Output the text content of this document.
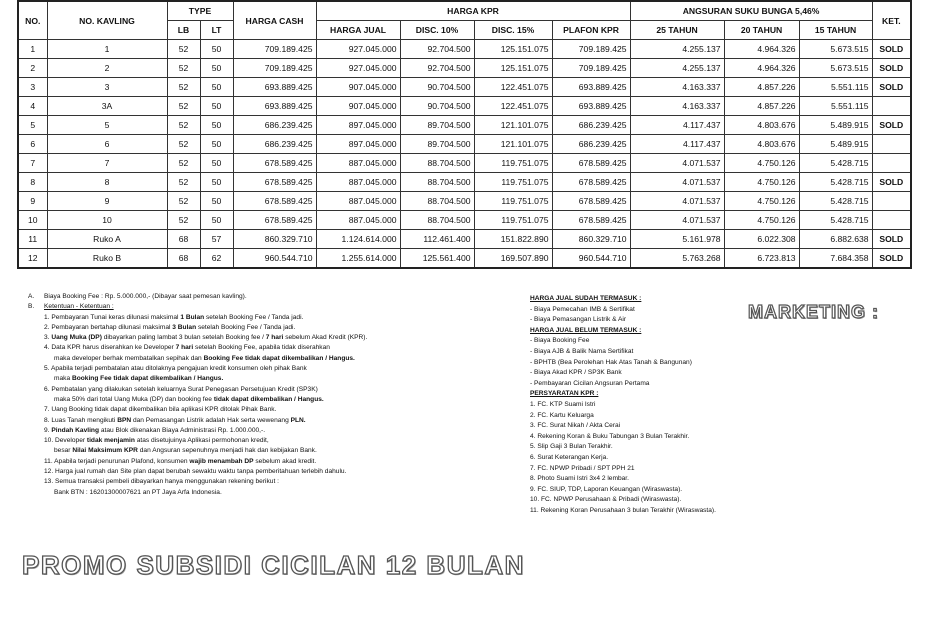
NO.	NO. KAVLING	TYPE		HARGA CASH	HARGA KPR				ANGSURAN SUKU BUNGA 5,46%			KET.
		LB	LT		HARGA JUAL	DISC. 10%	DISC. 15%	PLAFON KPR	25 TAHUN	20 TAHUN	15 TAHUN	
1	1	52	50	709.189.425	927.045.000	92.704.500	125.151.075	709.189.425	4.255.137	4.964.326	5.673.515	SOLD
2	2	52	50	709.189.425	927.045.000	92.704.500	125.151.075	709.189.425	4.255.137	4.964.326	5.673.515	SOLD
3	3	52	50	693.889.425	907.045.000	90.704.500	122.451.075	693.889.425	4.163.337	4.857.226	5.551.115	SOLD
4	3A	52	50	693.889.425	907.045.000	90.704.500	122.451.075	693.889.425	4.163.337	4.857.226	5.551.115	
5	5	52	50	686.239.425	897.045.000	89.704.500	121.101.075	686.239.425	4.117.437	4.803.676	5.489.915	SOLD
6	6	52	50	686.239.425	897.045.000	89.704.500	121.101.075	686.239.425	4.117.437	4.803.676	5.489.915	
7	7	52	50	678.589.425	887.045.000	88.704.500	119.751.075	678.589.425	4.071.537	4.750.126	5.428.715	
8	8	52	50	678.589.425	887.045.000	88.704.500	119.751.075	678.589.425	4.071.537	4.750.126	5.428.715	SOLD
9	9	52	50	678.589.425	887.045.000	88.704.500	119.751.075	678.589.425	4.071.537	4.750.126	5.428.715	
10	10	52	50	678.589.425	887.045.000	88.704.500	119.751.075	678.589.425	4.071.537	4.750.126	5.428.715	
11	Ruko A	68	57	860.329.710	1.124.614.000	112.461.400	151.822.890	860.329.710	5.161.978	6.022.308	6.882.638	SOLD
12	Ruko B	68	62	960.544.710	1.255.614.000	125.561.400	169.507.890	960.544.710	5.763.268	6.723.813	7.684.358	SOLD
A. Biaya Booking Fee : Rp. 5.000.000,- (Dibayar saat pemesan kavling).
B. Ketentuan - Ketentuan :
1. Pembayaran Tunai keras dilunasi maksimal 1 Bulan setelah Booking Fee / Tanda jadi.
2. Pembayaran bertahap dilunasi maksimal 3 Bulan setelah Booking Fee / Tanda jadi.
3. Uang Muka (DP) dibayarkan paling lambat 3 bulan setelah Booking fee / 7 hari sebelum Akad Kredit (KPR).
4. Data KPR harus diserahkan ke Developer 7 hari setelah Booking Fee, apabila tidak diserahkan
maka developer berhak membatalkan sepihak dan Booking Fee tidak dapat dikembalikan / Hangus.
5. Apabila terjadi pembatalan atau ditolaknya pengajuan kredit konsumen oleh pihak Bank
maka Booking Fee tidak dapat dikembalikan / Hangus.
6. Pembatalan yang dilakukan setelah keluarnya Surat Penegasan Persetujuan Kredit (SP3K)
maka 50% dari total Uang Muka (DP) dan booking fee tidak dapat dikembalikan / Hangus.
7. Uang Booking tidak dapat dikembalikan bila aplikasi KPR ditolak Pihak Bank.
8. Luas Tanah mengikuti BPN dan Pemasangan Listrik adalah Hak serta wewenang PLN.
9. Pindah Kavling atau Blok dikenakan Biaya Administrasi Rp. 1.000.000,-.
10. Developer tidak menjamin atas disetujuinya Aplikasi permohonan kredit,
besar Nilai Maksimum KPR dan Angsuran sepenuhnya menjadi hak dan kebijakan Bank.
11. Apabila terjadi penurunan Plafond, konsumen wajib menambah DP sebelum akad kredit.
12. Harga jual rumah dan Site plan dapat berubah sewaktu waktu tanpa pemberitahuan terlebih dahulu.
13. Semua transaksi pembeli dibayarkan hanya menggunakan rekening berikut :
Bank BTN : 16201300007621 an PT Jaya Arfa Indonesia.
HARGA JUAL SUDAH TERMASUK :
- Biaya Pemecahan IMB & Sertifikat
- Biaya Pemasangan Listrik & Air
HARGA JUAL BELUM TERMASUK :
- Biaya Booking Fee
- Biaya AJB & Balik Nama Sertifikat
- BPHTB (Bea Perolehan Hak Atas Tanah & Bangunan)
- Biaya Akad KPR / SP3K Bank
- Pembayaran Cicilan Angsuran Pertama
PERSYARATAN KPR :
1. FC. KTP Suami Istri
2. FC. Kartu Keluarga
3. FC. Surat Nikah / Akta Cerai
4. Rekening Koran & Buku Tabungan 3 Bulan Terakhir.
5. Slip Gaji 3 Bulan Terakhir.
6. Surat Keterangan Kerja.
7. FC. NPWP Pribadi / SPT PPH 21
8. Photo Suami Istri 3x4 2 lembar.
9. FC. SIUP, TDP, Laporan Keuangan (Wiraswasta).
10. FC. NPWP Perusahaan & Pribadi (Wiraswasta).
11. Rekening Koran Perusahaan 3 bulan Terakhir (Wiraswasta).
MARKETING :
PROMO SUBSIDI CICILAN 12 BULAN
